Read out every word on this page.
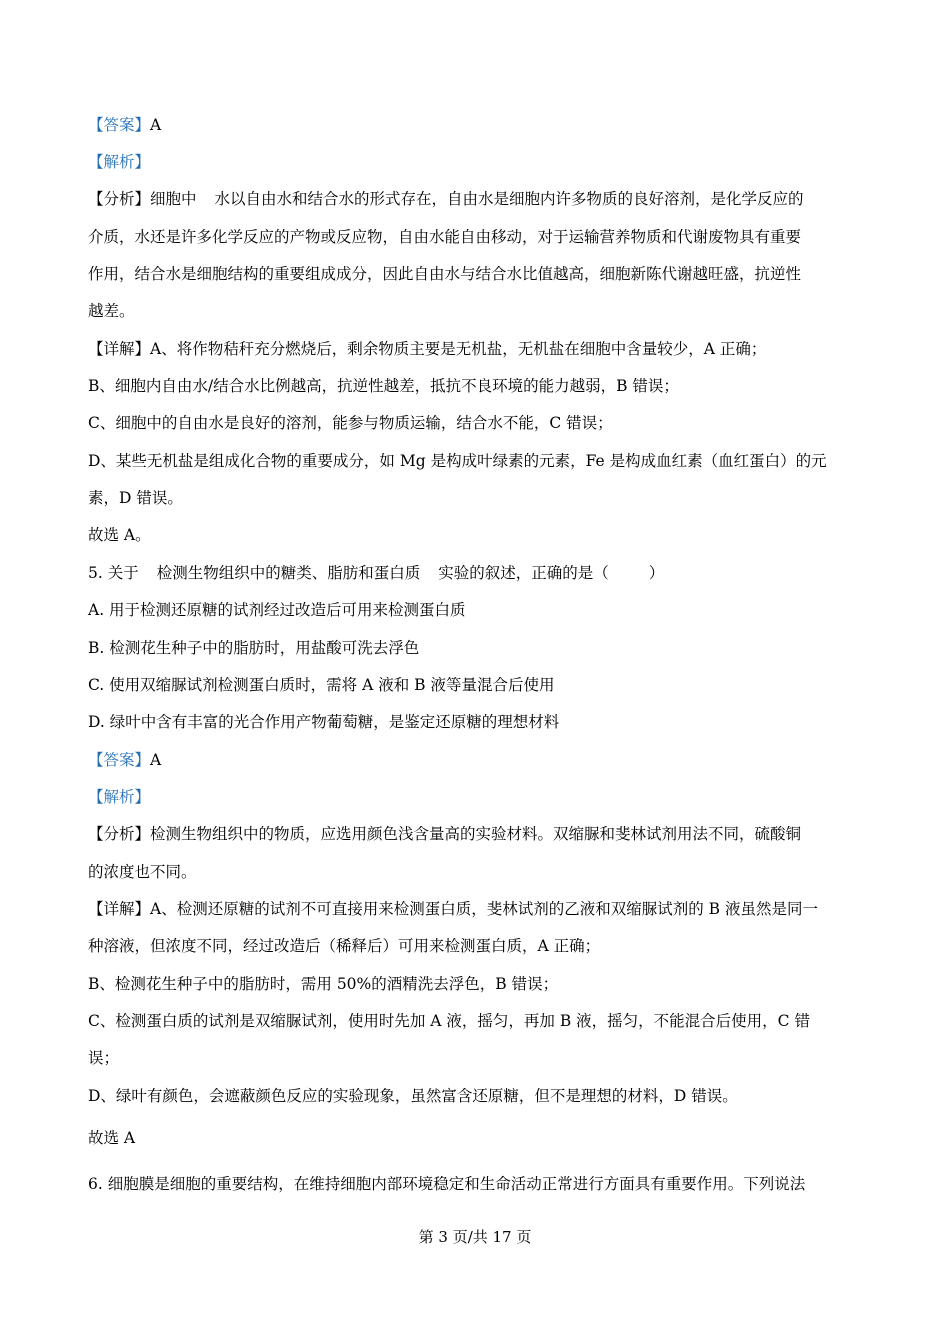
【答案】A
【解析】
【分析】细胞中 水以自由水和结合水的形式存在，自由水是细胞内许多物质的良好溶剂，是化学反应的
介质，水还是许多化学反应的产物或反应物，自由水能自由移动，对于运输营养物质和代谢废物具有重要
作用，结合水是细胞结构的重要组成成分，因此自由水与结合水比值越高，细胞新陈代谢越旺盛，抗逆性
越差。
【详解】A、将作物秸秆充分燃烧后，剩余物质主要是无机盐，无机盐在细胞中含量较少，A 正确；
B、细胞内自由水/结合水比例越高，抗逆性越差，抵抗不良环境的能力越弱，B 错误；
C、细胞中的自由水是良好的溶剂，能参与物质运输，结合水不能，C 错误；
D、某些无机盐是组成化合物的重要成分，如 Mg 是构成叶绿素的元素，Fe 是构成血红素（血红蛋白）的元
素，D 错误。
故选 A。
5. 关于 检测生物组织中的糖类、脂肪和蛋白质 实验的叙述，正确的是（	）
A. 用于检测还原糖的试剂经过改造后可用来检测蛋白质
B. 检测花生种子中的脂肪时，用盐酸可洗去浮色
C. 使用双缩脲试剂检测蛋白质时，需将 A 液和 B 液等量混合后使用
D. 绿叶中含有丰富的光合作用产物葡萄糖，是鉴定还原糖的理想材料
【答案】A
【解析】
【分析】检测生物组织中的物质，应选用颜色浅含量高的实验材料。双缩脲和斐林试剂用法不同，硫酸铜
的浓度也不同。
【详解】A、检测还原糖的试剂不可直接用来检测蛋白质，斐林试剂的乙液和双缩脲试剂的 B 液虽然是同一
种溶液，但浓度不同，经过改造后（稀释后）可用来检测蛋白质，A 正确；
B、检测花生种子中的脂肪时，需用 50%的酒精洗去浮色，B 错误；
C、检测蛋白质的试剂是双缩脲试剂，使用时先加 A 液，摇匀，再加 B 液，摇匀，不能混合后使用，C 错
误；
D、绿叶有颜色，会遮蔽颜色反应的实验现象，虽然富含还原糖，但不是理想的材料，D 错误。
故选 A
6. 细胞膜是细胞的重要结构，在维持细胞内部环境稳定和生命活动正常进行方面具有重要作用。下列说法
第 3 页/共 17 页
